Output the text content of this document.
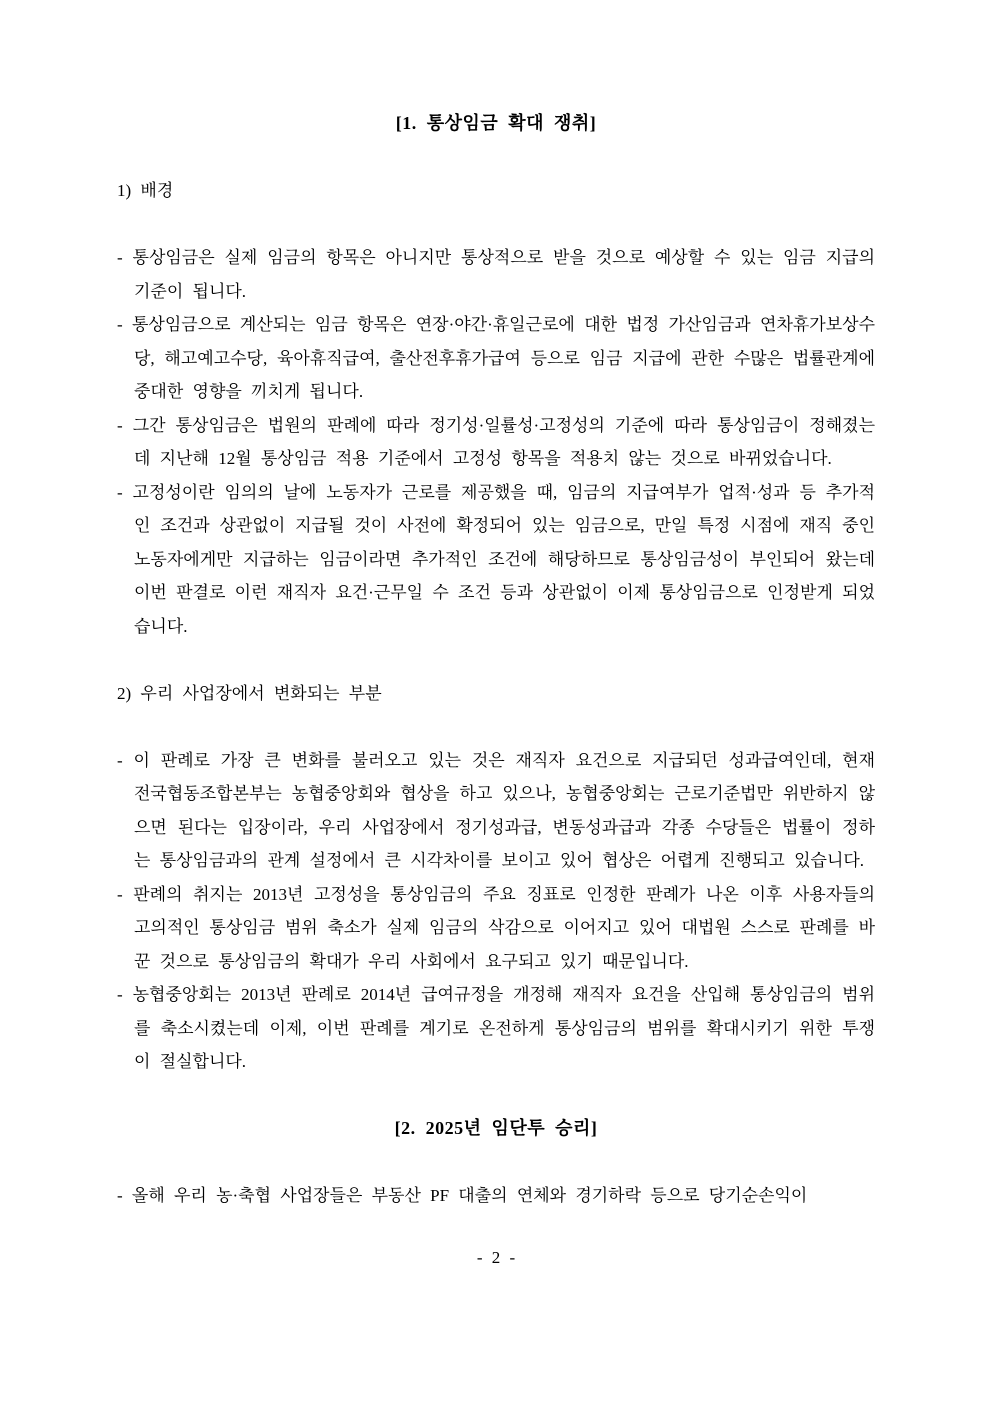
[1. 통상임금 확대 쟁취]
1) 배경
- 통상임금은 실제 임금의 항목은 아니지만 통상적으로 받을 것으로 예상할 수 있는 임금 지급의 기준이 됩니다.
- 통상임금으로 계산되는 임금 항목은 연장·야간·휴일근로에 대한 법정 가산임금과 연차휴가보상수당, 해고예고수당, 육아휴직급여, 출산전후휴가급여 등으로 임금 지급에 관한 수많은 법률관계에 중대한 영향을 끼치게 됩니다.
- 그간 통상임금은 법원의 판례에 따라 정기성·일률성·고정성의 기준에 따라 통상임금이 정해졌는데 지난해 12월 통상임금 적용 기준에서 고정성 항목을 적용치 않는 것으로 바뀌었습니다.
- 고정성이란 임의의 날에 노동자가 근로를 제공했을 때, 임금의 지급여부가 업적·성과 등 추가적인 조건과 상관없이 지급될 것이 사전에 확정되어 있는 임금으로, 만일 특정 시점에 재직 중인 노동자에게만 지급하는 임금이라면 추가적인 조건에 해당하므로 통상임금성이 부인되어 왔는데 이번 판결로 이런 재직자 요건·근무일 수 조건 등과 상관없이 이제 통상임금으로 인정받게 되었습니다.
2) 우리 사업장에서 변화되는 부분
- 이 판례로 가장 큰 변화를 불러오고 있는 것은 재직자 요건으로 지급되던 성과급여인데, 현재 전국협동조합본부는 농협중앙회와 협상을 하고 있으나, 농협중앙회는 근로기준법만 위반하지 않으면 된다는 입장이라, 우리 사업장에서 정기성과급, 변동성과급과 각종 수당들은 법률이 정하는 통상임금과의 관계 설정에서 큰 시각차이를 보이고 있어 협상은 어렵게 진행되고 있습니다.
- 판례의 취지는 2013년 고정성을 통상임금의 주요 징표로 인정한 판례가 나온 이후 사용자들의 고의적인 통상임금 범위 축소가 실제 임금의 삭감으로 이어지고 있어 대법원 스스로 판례를 바꾼 것으로 통상임금의 확대가 우리 사회에서 요구되고 있기 때문입니다.
- 농협중앙회는 2013년 판례로 2014년 급여규정을 개정해 재직자 요건을 산입해 통상임금의 범위를 축소시켰는데 이제, 이번 판례를 계기로 온전하게 통상임금의 범위를 확대시키기 위한 투쟁이 절실합니다.
[2. 2025년 임단투 승리]
- 올해 우리 농·축협 사업장들은 부동산 PF 대출의 연체와 경기하락 등으로 당기순손익이
- 2 -
